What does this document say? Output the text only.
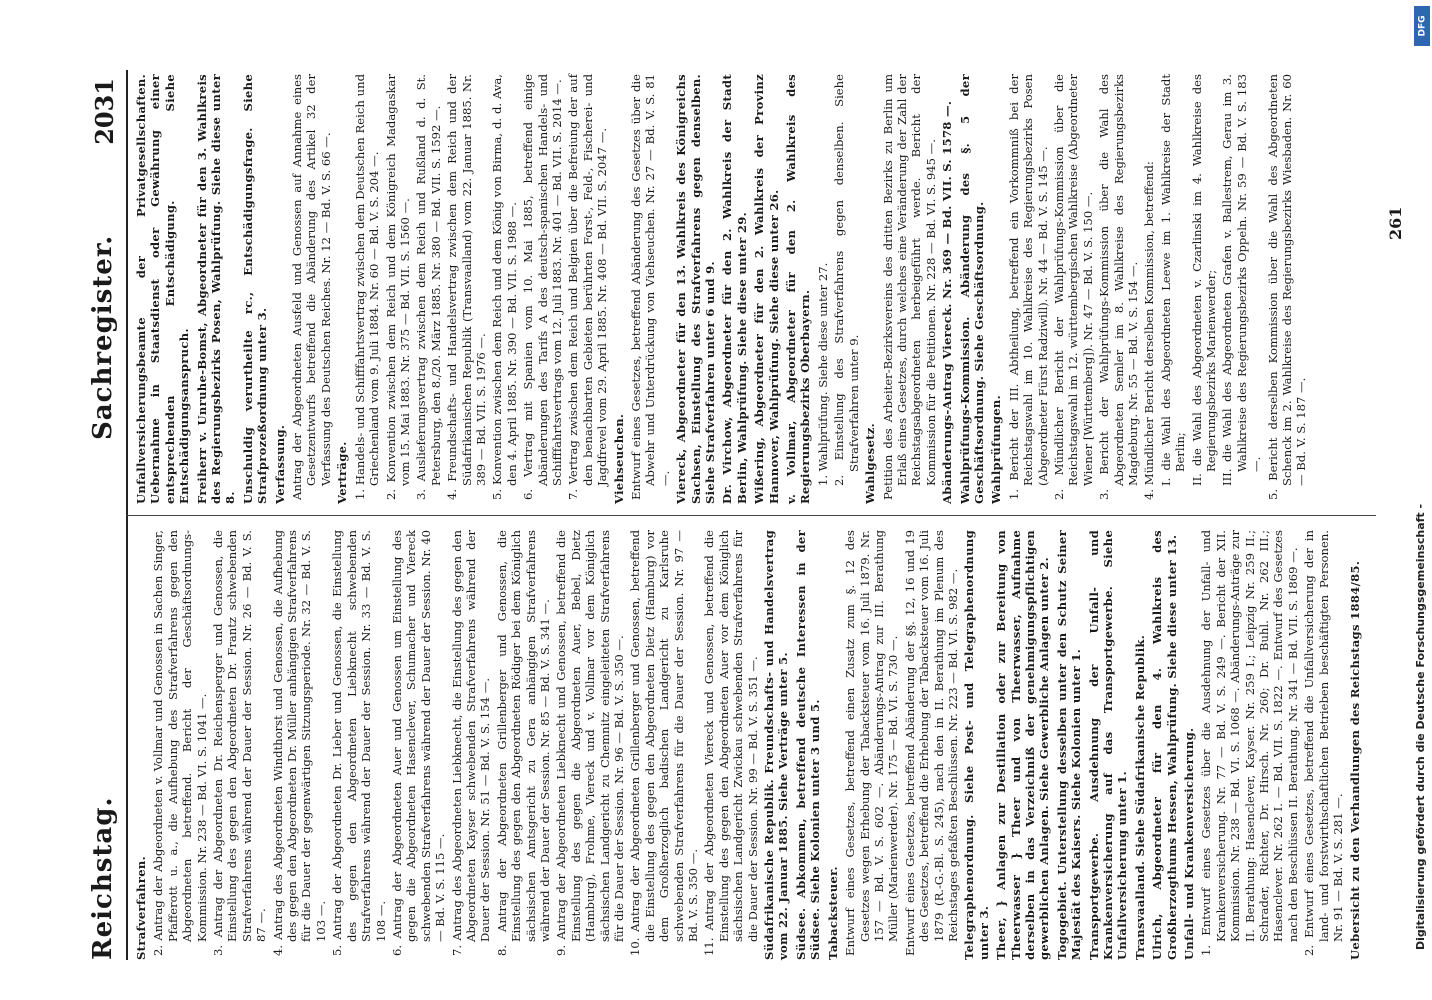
DFG
Digitalisierung gefördert durch die Deutsche Forschungsgemeinschaft -
Reichstag.
Sachregister.
2031
Strafverfahren. 2. Antrag der Abgeordneten v. Vollmar und Genossen in Sachen Singer, Pfafferott u. a., die Aufhebung des Strafverfahrens gegen den Abgeordneten betreffend. Bericht der Geschäftsordnungs-Kommission. Nr. 238 — Bd. VI. S. 1041 —. 3. Antrag der Abgeordneten Dr. Reichensperger und Genossen, die Einstellung des gegen den Abgeordneten Dr. Frantz schwebenden Strafverfahrens während der Dauer der Session. Nr. 26 — Bd. V. S. 87 —. 4. Antrag des Abgeordneten Windthorst und Genossen, die Aufhebung des gegen den Abgeordneten Dr. Müller anhängigen Strafverfahrens für die Dauer der gegenwärtigen Sitzungsperiode. Nr. 32 — Bd. V. S. 103 —. 5. Antrag der Abgeordneten Dr. Lieber und Genossen, die Einstellung des gegen den Abgeordneten Liebknecht schwebenden Strafverfahrens während der Dauer der Session. Nr. 33 — Bd. V. S. 108 —. 6. Antrag der Abgeordneten Auer und Genossen um Einstellung des gegen die Abgeordneten Hasenclever, Schumacher und Viereck schwebenden Strafverfahrens während der Dauer der Session. Nr. 40 — Bd. V. S. 115 —. 7. Antrag des Abgeordneten Liebknecht, die Einstellung des gegen den Abgeordneten Kayser schwebenden Strafverfahrens während der Dauer der Session. Nr. 51 — Bd. V. S. 154 —. 8. Antrag der Abgeordneten Grillenberger und Genossen, die Einstellung des gegen den Abgeordneten Rödiger bei dem Königlich sächsischen Amtsgericht zu Gera anhängigen Strafverfahrens während der Dauer der Session. Nr. 85 — Bd. V. S. 341 —. 9. Antrag der Abgeordneten Liebknecht und Genossen, betreffend die Einstellung des gegen die Abgeordneten Auer, Bebel, Dietz (Hamburg), Frohme, Viereck und v. Vollmar vor dem Königlich sächsischen Landgericht zu Chemnitz eingeleiteten Strafverfahrens für die Dauer der Session. Nr. 96 — Bd. V. S. 350 —. 10. Antrag der Abgeordneten Grillenberger und Genossen, betreffend die Einstellung des gegen den Abgeordneten Dietz (Hamburg) vor dem Großherzoglich badischen Landgericht zu Karlsruhe schwebenden Strafverfahrens für die Dauer der Session. Nr. 97 — Bd. V. S. 350 —. 11. Antrag der Abgeordneten Viereck und Genossen, betreffend die Einstellung des gegen den Abgeordneten Auer vor dem Königlich sächsischen Landgericht Zwickau schwebenden Strafverfahrens für die Dauer der Session. Nr. 99 — Bd. V. S. 351 —. Südafrikanische Republik. Freundschafts- und Handelsvertrag vom 22. Januar 1885. Siehe Verträge unter 5. Südsee. Abkommen, betreffend deutsche Interessen in der Südsee. Siehe Kolonien unter 3 und 5. Tabacksteuer. Entwurf eines Gesetzes, betreffend einen Zusatz zum §. 12 des Gesetzes wegen Erhebung der Tabacksteuer vom 16. Juli 1879. Nr. 157 — Bd. V. S. 602 —. Abänderungs-Antrag zur III. Berathung Müller (Marienwerder). Nr. 175 — Bd. VI. S. 730 —. Entwurf eines Gesetzes, betreffend Abänderung der §§. 12, 16 und 19 des Gesetzes, betreffend die Erhebung der Tabacksteuer vom 16. Juli 1879 (R.-G.-Bl. S. 245), nach den in II. Berathung im Plenum des Reichstages gefaßten Beschlüssen. Nr. 223 — Bd. VI. S. 982 —. Telegraphenordnung. Siehe Post- und Telegraphenordnung unter 3. Theer, } Anlagen zur Destillation oder zur Bereitung von Theerwasser } Theer und von Theerwasser, Aufnahme derselben in das Verzeichniß der genehmigungspflichtigen gewerblichen Anlagen. Siehe Gewerbliche Anlagen unter 2. Togogebiet. Unterstellung desselben unter den Schutz Seiner Majestät des Kaisers. Siehe Kolonien unter 1. Transportgewerbe. Ausdehnung der Unfall- und Krankenversicherung auf das Transportgewerbe. Siehe Unfallversicherung unter 1. Transvaalland. Siehe Südafrikanische Republik. Ulrich, Abgeordneter für den 4. Wahlkreis des Großherzogthums Hessen, Wahlprüfung. Siehe diese unter 13. Unfall- und Krankenversicherung. 1. Entwurf eines Gesetzes über die Ausdehnung der Unfall- und Krankenversicherung. Nr. 77 — Bd. V. S. 249 —. Bericht der XII. Kommission. Nr. 238 — Bd. VI. S. 1068 —. Abänderungs-Anträge zur II. Berathung: Hasenclever, Kayser. Nr. 259 I.; Leipzig Nr. 259 II.; Schrader, Richter, Dr. Hirsch. Nr. 260; Dr. Buhl. Nr. 262 III.; Hasenclever. Nr. 262 I. — Bd. VII. S. 1822 —. Entwurf des Gesetzes nach den Beschlüssen II. Berathung. Nr. 341 — Bd. VII. S. 1869 —. 2. Entwurf eines Gesetzes, betreffend die Unfallversicherung der in land- und forstwirthschaftlichen Betrieben beschäftigten Personen. Nr. 91 — Bd. V. S. 281 —. Uebersicht zu den Verhandlungen des Reichstags 1884/85.
Unfallversicherungsbeamte der Privatgesellschaften. Uebernahme in Staatsdienst oder Gewährung einer entsprechenden Entschädigung. Siehe Entschädigungsanspruch. Freiherr v. Unruhe-Bomst, Abgeordneter für den 3. Wahlkreis des Regierungsbezirks Posen, Wahlprüfung. Siehe diese unter 8. Unschuldig verurtheilte rc., Entschädigungsfrage. Siehe Strafprozeßordnung unter 3. Verfassung. Antrag der Abgeordneten Ausfeld und Genossen auf Annahme eines Gesetzentwurfs betreffend die Abänderung des Artikel 32 der Verfassung des Deutschen Reiches. Nr. 12 — Bd. V. S. 66 —. Verträge. 1. Handels- und Schifffahrtsvertrag zwischen dem Deutschen Reich und Griechenland vom 9. Juli 1884. Nr. 60 — Bd. V. S. 204 —. 2. Konvention zwischen dem Reich und dem Königreich Madagaskar vom 15. Mai 1883. Nr. 375 — Bd. VII. S. 1560 —. 3. Auslieferungsvertrag zwischen dem Reich und Rußland d. d. St. Petersburg, den 8./20. März 1885. Nr. 380 — Bd. VII. S. 1592 —. 4. Freundschafts- und Handelsvertrag zwischen dem Reich und der Südafrikanischen Republik (Transvaalland) vom 22. Januar 1885. Nr. 389 — Bd. VII. S. 1976 —. 5. Konvention zwischen dem Reich und dem König von Birma, d. d. Ava, den 4. April 1885. Nr. 390 — Bd. VII. S. 1988 —. 6. Vertrag mit Spanien vom 10. Mai 1885, betreffend einige Abänderungen des Tarifs A des deutsch-spanischen Handels- und Schifffahrtsvertrags vom 12. Juli 1883. Nr. 401 — Bd. VII. S. 2014 —. 7. Vertrag zwischen dem Reich und Belgien über die Befreiung der auf den benachbarten Gebieten berührten Forst-, Feld-, Fischerei- und Jagdfrevel vom 29. April 1885. Nr. 408 — Bd. VII. S. 2047 —. Viehseuchen. Entwurf eines Gesetzes, betreffend Abänderung des Gesetzes über die Abwehr und Unterdrückung von Viehseuchen. Nr. 27 — Bd. V. S. 81 —. Viereck, Abgeordneter für den 13. Wahlkreis des Königreichs Sachsen, Einstellung des Strafverfahrens gegen denselben. Siehe Strafverfahren unter 6 und 9. Dr. Virchow, Abgeordneter für den 2. Wahlkreis der Stadt Berlin, Wahlprüfung. Siehe diese unter 29. Wißering, Abgeordneter für den 2. Wahlkreis der Provinz Hannover, Wahlprüfung. Siehe diese unter 26. v. Vollmar, Abgeordneter für den 2. Wahlkreis des Regierungsbezirks Oberbayern. 1. Wahlprüfung. Siehe diese unter 27. 2. Einstellung des Strafverfahrens gegen denselben. Siehe Strafverfahren unter 9. Wahlgesetz. Petition des Arbeiter-Bezirksvereins des dritten Bezirks zu Berlin um Erlaß eines Gesetzes, durch welches eine Veränderung der Zahl der Reichstagsabgeordneten herbeigeführt werde. Bericht der Kommission für die Petitionen. Nr. 228 — Bd. VI. S. 945 —. Abänderungs-Antrag Viereck. Nr. 369 — Bd. VII. S. 1578 —. Wahlprüfungs-Kommission. Abänderung des §. 5 der Geschäftsordnung. Siehe Geschäftsordnung. Wahlprüfungen. 1. Bericht der III. Abtheilung, betreffend ein Vorkommniß bei der Reichstagswahl im 10. Wahlkreise des Regierungsbezirks Posen (Abgeordneter Fürst Radziwill). Nr. 44 — Bd. V. S. 145 —. 2. Mündlicher Bericht der Wahlprüfungs-Kommission über die Reichstagswahl im 12. württembergischen Wahlkreise (Abgeordneter Wiener [Württemberg]). Nr. 47 — Bd. V. S. 150 —. 3. Bericht der Wahlprüfungs-Kommission über die Wahl des Abgeordneten Semler im 8. Wahlkreise des Regierungsbezirks Magdeburg. Nr. 55 — Bd. V. S. 154 —. 4. Mündlicher Bericht derselben Kommission, betreffend: I. die Wahl des Abgeordneten Leewe im 1. Wahlkreise der Stadt Berlin; II. die Wahl des Abgeordneten v. Czarlinski im 4. Wahlkreise des Regierungsbezirks Marienwerder; III. die Wahl des Abgeordneten Grafen v. Ballestrem, Gerau im 3. Wahlkreise des Regierungsbezirks Oppeln. Nr. 59 — Bd. V. S. 183 —. 5. Bericht derselben Kommission über die Wahl des Abgeordneten Schenck im 2. Wahlkreise des Regierungsbezirks Wiesbaden. Nr. 60 — Bd. V. S. 187 —.
261
